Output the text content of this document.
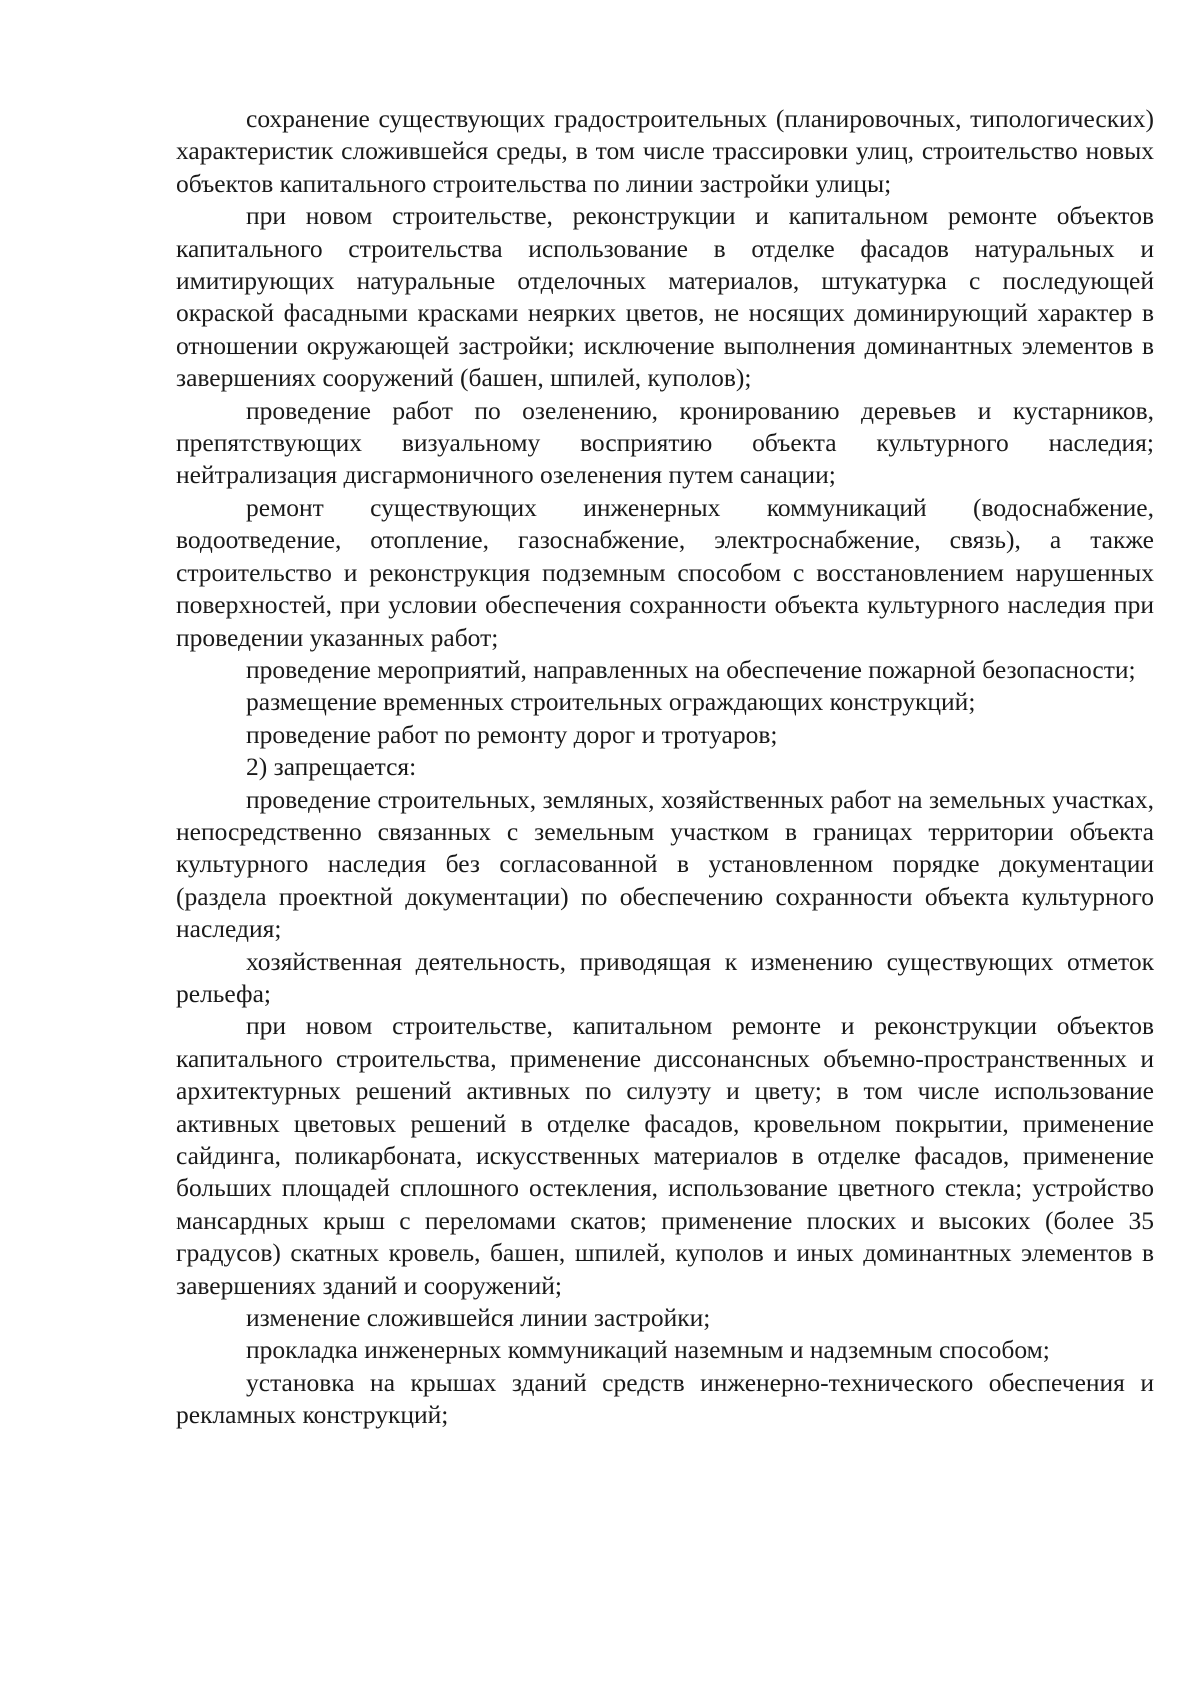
сохранение существующих градостроительных (планировочных, типологических) характеристик сложившейся среды, в том числе трассировки улиц, строительство новых объектов капитального строительства по линии застройки улицы;

при новом строительстве, реконструкции и капитальном ремонте объектов капитального строительства использование в отделке фасадов натуральных и имитирующих натуральные отделочных материалов, штукатурка с последующей окраской фасадными красками неярких цветов, не носящих доминирующий характер в отношении окружающей застройки; исключение выполнения доминантных элементов в завершениях сооружений (башен, шпилей, куполов);

проведение работ по озеленению, кронированию деревьев и кустарников, препятствующих визуальному восприятию объекта культурного наследия; нейтрализация дисгармоничного озеленения путем санации;

ремонт существующих инженерных коммуникаций (водоснабжение, водоотведение, отопление, газоснабжение, электроснабжение, связь), а также строительство и реконструкция подземным способом с восстановлением нарушенных поверхностей, при условии обеспечения сохранности объекта культурного наследия при проведении указанных работ;

проведение мероприятий, направленных на обеспечение пожарной безопасности;

размещение временных строительных ограждающих конструкций;

проведение работ по ремонту дорог и тротуаров;

2) запрещается:

проведение строительных, земляных, хозяйственных работ на земельных участках, непосредственно связанных с земельным участком в границах территории объекта культурного наследия без согласованной в установленном порядке документации (раздела проектной документации) по обеспечению сохранности объекта культурного наследия;

хозяйственная деятельность, приводящая к изменению существующих отметок рельефа;

при новом строительстве, капитальном ремонте и реконструкции объектов капитального строительства, применение диссонансных объемно-пространственных и архитектурных решений активных по силуэту и цвету; в том числе использование активных цветовых решений в отделке фасадов, кровельном покрытии, применение сайдинга, поликарбоната, искусственных материалов в отделке фасадов, применение больших площадей сплошного остекления, использование цветного стекла; устройство мансардных крыш с переломами скатов; применение плоских и высоких (более 35 градусов) скатных кровель, башен, шпилей, куполов и иных доминантных элементов в завершениях зданий и сооружений;

изменение сложившейся линии застройки;

прокладка инженерных коммуникаций наземным и надземным способом;

установка на крышах зданий средств инженерно-технического обеспечения и рекламных конструкций;
